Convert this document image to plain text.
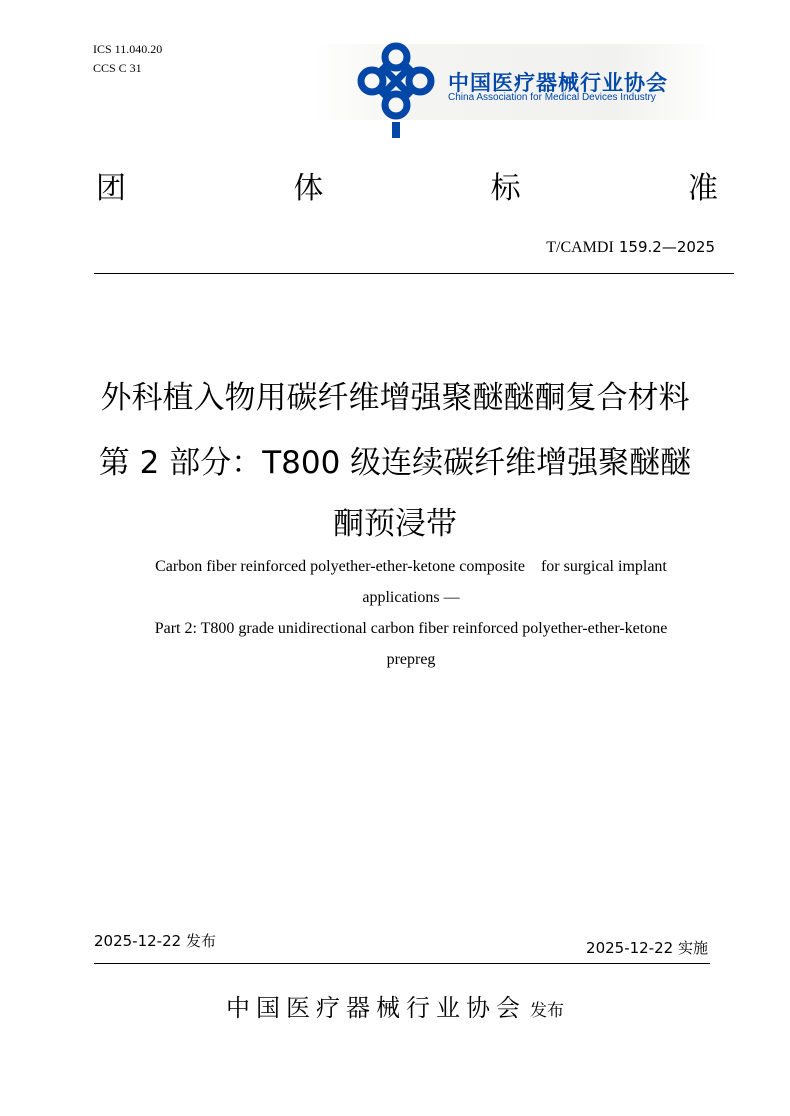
ICS 11.040.20
CCS C 31
中国医疗器械行业协会
China Association for Medical Devices Industry
团	体	标	准
T/CAMDI 159.2—2025
外科植入物用碳纤维增强聚醚醚酮复合材料
第 2 部分：T800 级连续碳纤维增强聚醚醚
酮预浸带
Carbon fiber reinforced polyether-ether-ketone composite    for surgical implant
applications —
Part 2: T800 grade unidirectional carbon fiber reinforced polyether-ether-ketone
prepreg
2025-12-22 发布	2025-12-22 实施
中国医疗器械行业协会 发布
